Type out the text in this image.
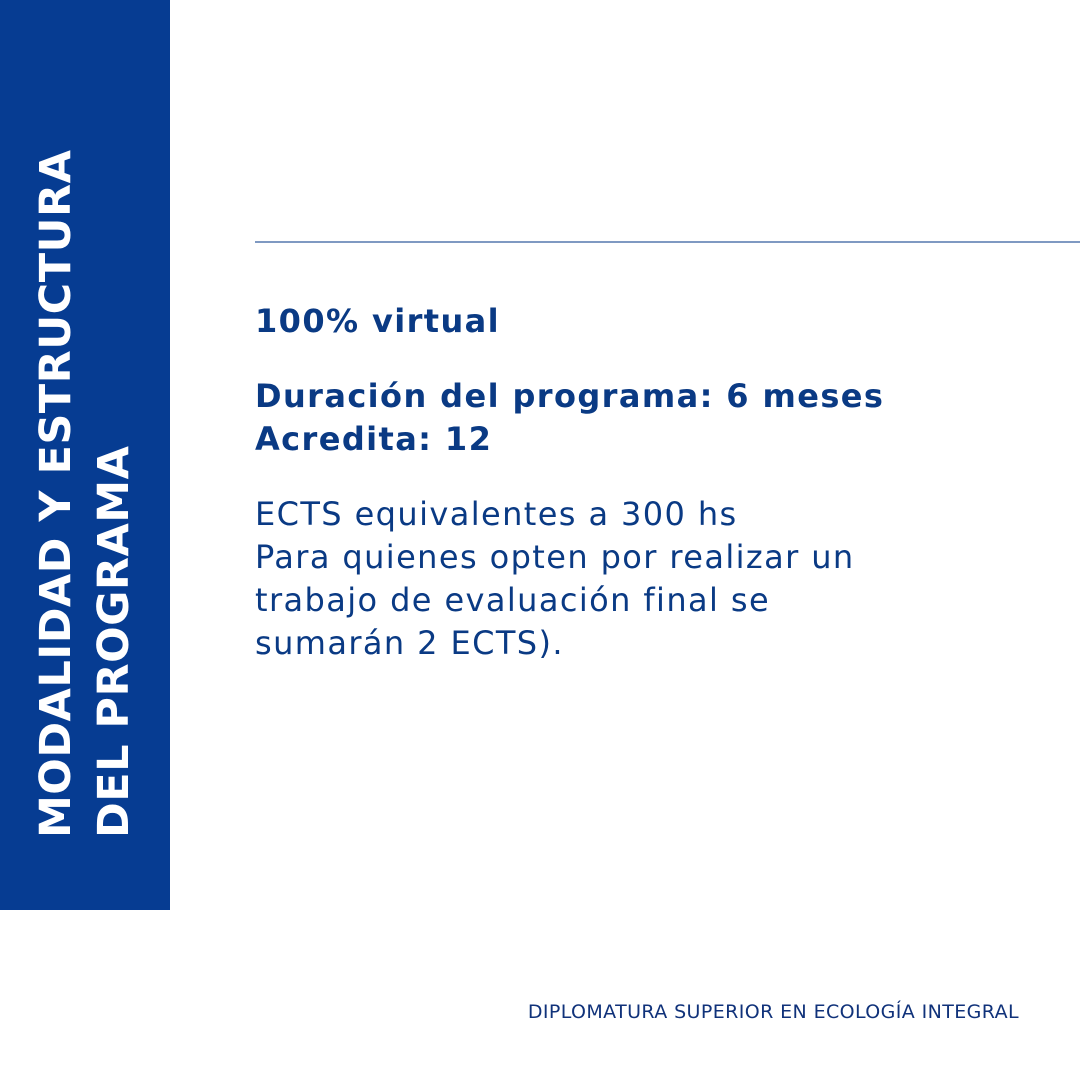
MODALIDAD Y ESTRUCTURA DEL PROGRAMA
100% virtual
Duración del programa: 6 meses
Acredita: 12
ECTS equivalentes a 300 hs
Para quienes opten por realizar un
trabajo de evaluación final se
sumarán 2 ECTS).
DIPLOMATURA SUPERIOR EN ECOLOGÍA INTEGRAL
